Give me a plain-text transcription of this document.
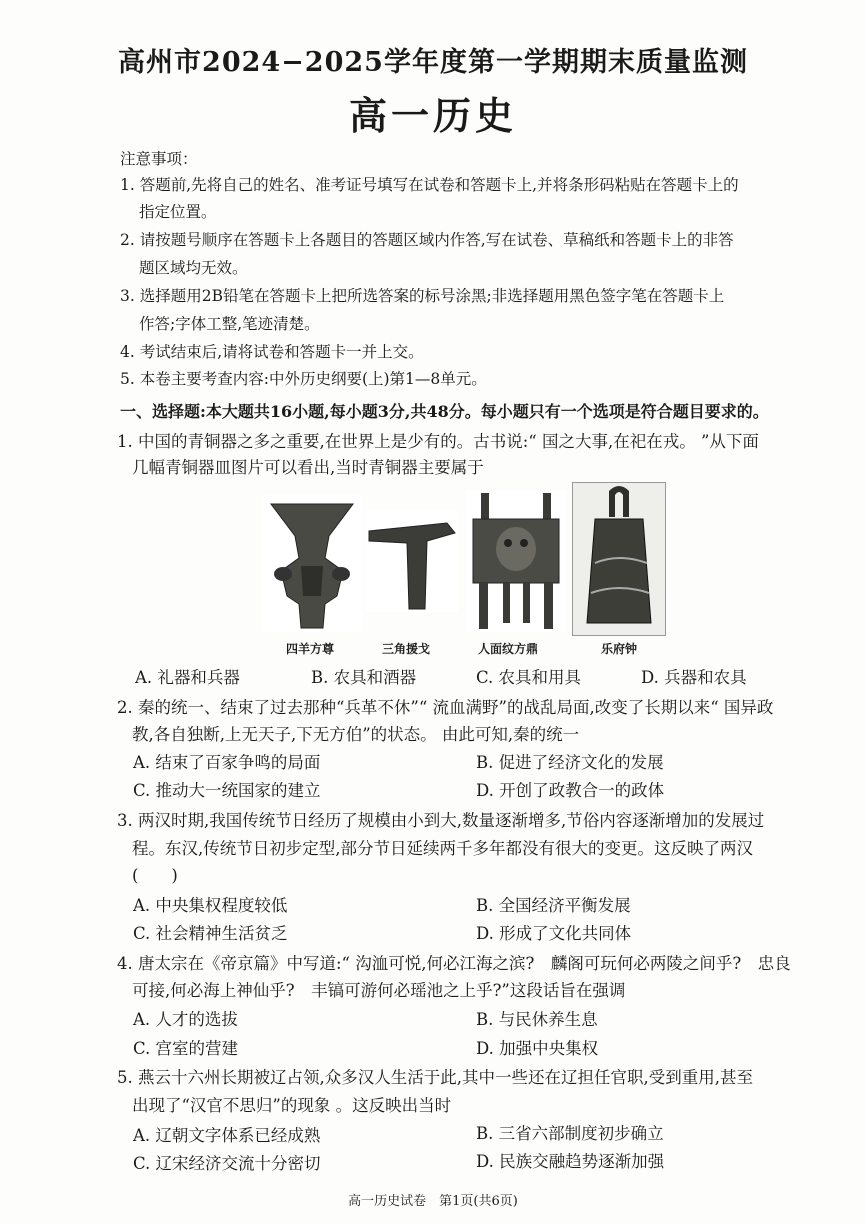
高州市2024−2025学年度第一学期期末质量监测
高一历史
注意事项：
1. 答题前,先将自己的姓名、准考证号填写在试卷和答题卡上,并将条形码粘贴在答题卡上的
指定位置。
2. 请按题号顺序在答题卡上各题目的答题区域内作答,写在试卷、草稿纸和答题卡上的非答
题区域均无效。
3. 选择题用2B铅笔在答题卡上把所选答案的标号涂黑;非选择题用黑色签字笔在答题卡上
作答;字体工整,笔迹清楚。
4. 考试结束后,请将试卷和答题卡一并上交。
5. 本卷主要考查内容:中外历史纲要(上)第1—8单元。
一、选择题:本大题共16小题,每小题3分,共48分。每小题只有一个选项是符合题目要求的。
1. 中国的青铜器之多之重要,在世界上是少有的。古书说:“ 国之大事,在祀在戎。 ”从下面
几幅青铜器皿图片可以看出,当时青铜器主要属于
四羊方尊	三角援戈	人面纹方鼎	乐府钟
A. 礼器和兵器	B. 农具和酒器	C. 农具和用具	D. 兵器和农具
2. 秦的统一、结束了过去那种“兵革不休”“ 流血满野”的战乱局面,改变了长期以来“ 国异政
教,各自独断,上无天子,下无方伯”的状态。 由此可知,秦的统一
A. 结束了百家争鸣的局面	B. 促进了经济文化的发展
C. 推动大一统国家的建立	D. 开创了政教合一的政体
3. 两汉时期,我国传统节日经历了规模由小到大,数量逐渐增多,节俗内容逐渐增加的发展过
程。东汉,传统节日初步定型,部分节日延续两千多年都没有很大的变更。这反映了两汉
(　　)
A. 中央集权程度较低	B. 全国经济平衡发展
C. 社会精神生活贫乏	D. 形成了文化共同体
4. 唐太宗在《帝京篇》中写道:“ 沟洫可悦,何必江海之滨?　麟阁可玩何必两陵之间乎?　忠良
可接,何必海上神仙乎?　丰镐可游何必瑶池之上乎?”这段话旨在强调
A. 人才的选拔	B. 与民休养生息
C. 宫室的营建	D. 加强中央集权
5. 燕云十六州长期被辽占领,众多汉人生活于此,其中一些还在辽担任官职,受到重用,甚至
出现了“汉官不思归”的现象 。这反映出当时
A. 辽朝文字体系已经成熟	B. 三省六部制度初步确立
C. 辽宋经济交流十分密切	D. 民族交融趋势逐渐加强
高一历史试卷　第1页(共6页)
